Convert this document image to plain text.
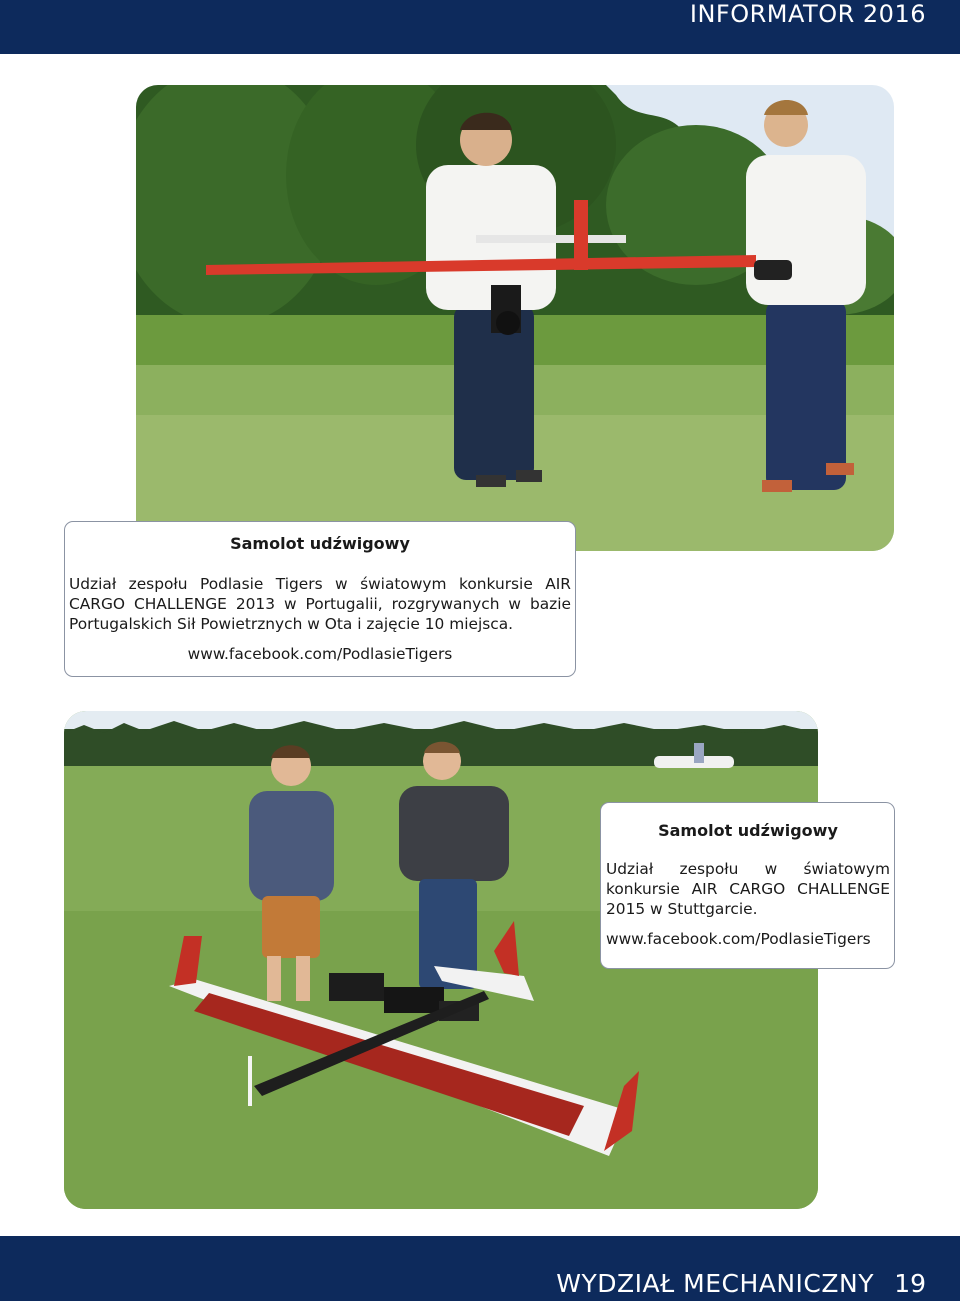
INFORMATOR 2016
Samolot udźwigowy
Udział zespołu Podlasie Tigers w światowym konkursie AIR CARGO CHALLENGE 2013 w Portugalii, rozgrywanych w bazie Portugalskich Sił Powietrznych w Ota i zajęcie 10 miejsca.
www.facebook.com/PodlasieTigers
Samolot udźwigowy
Udział zespołu w światowym konkursie AIR CARGO CHALLENGE 2015 w Stuttgarcie.
www.facebook.com/PodlasieTigers
WYDZIAŁ MECHANICZNY 19
